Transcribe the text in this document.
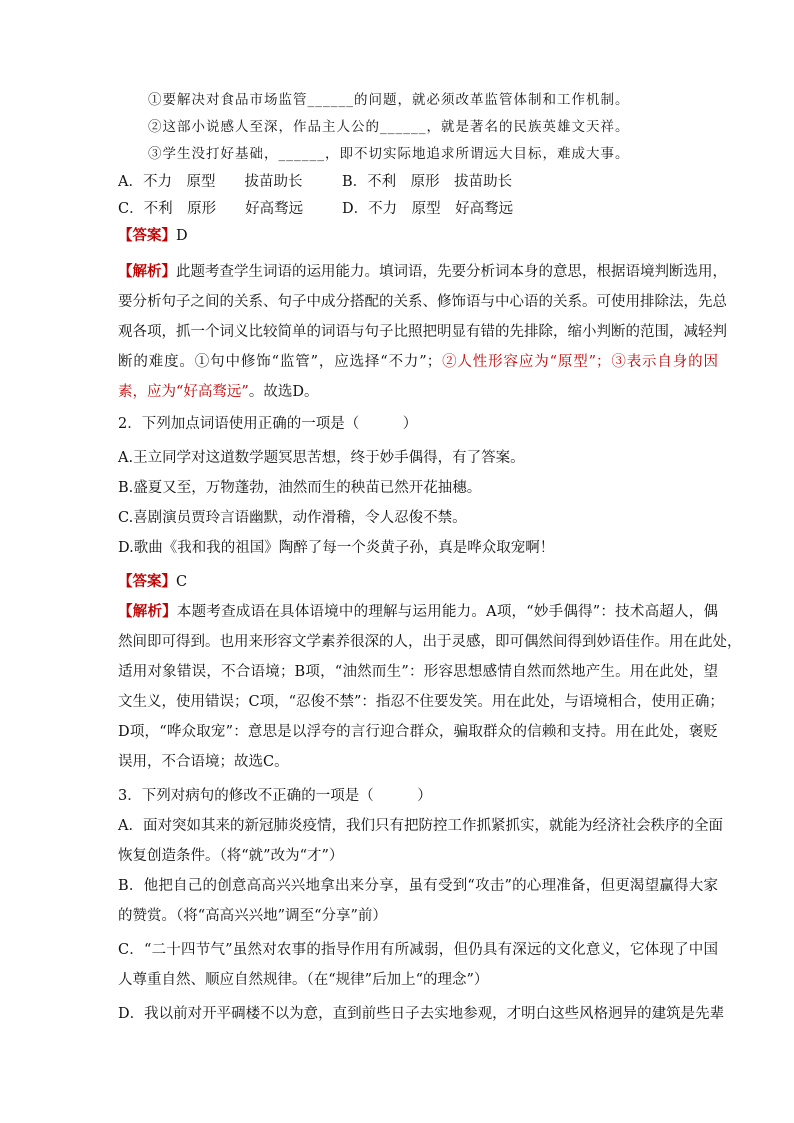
①要解决对食品市场监管______的问题，就必须改革监管体制和工作机制。
②这部小说感人至深，作品主人公的______，就是著名的民族英雄文天祥。
③学生没打好基础，______，即不切实际地追求所谓远大目标，难成大事。
A．不力　原型　　拔苗助长	B．不利　原形　拔苗助长
C．不利　原形　　好高骛远	D．不力　原型　好高骛远
【答案】D
【解析】此题考查学生词语的运用能力。填词语，先要分析词本身的意思，根据语境判断选用，
要分析句子之间的关系、句子中成分搭配的关系、修饰语与中心语的关系。可使用排除法，先总
观各项，抓一个词义比较简单的词语与句子比照把明显有错的先排除，缩小判断的范围，减轻判
断的难度。①句中修饰“监管”，应选择“不力”；②人性形容应为“原型”；③表示自身的因
素，应为“好高骛远”。故选D。
2．下列加点词语使用正确的一项是（　　　）
A.王立同学对这道数学题冥思苦想，终于妙手偶得，有了答案。
B.盛夏又至，万物蓬勃，油然而生的秧苗已然开花抽穗。
C.喜剧演员贾玲言语幽默，动作滑稽，令人忍俊不禁。
D.歌曲《我和我的祖国》陶醉了每一个炎黄子孙，真是哗众取宠啊！
【答案】C
【解析】本题考查成语在具体语境中的理解与运用能力。A项，“妙手偶得”：技术高超人，偶
然间即可得到。也用来形容文学素养很深的人，出于灵感，即可偶然间得到妙语佳作。用在此处，
适用对象错误，不合语境；B项，“油然而生”：形容思想感情自然而然地产生。用在此处，望
文生义，使用错误；C项，“忍俊不禁”：指忍不住要发笑。用在此处，与语境相合，使用正确；
D项，“哗众取宠”：意思是以浮夸的言行迎合群众，骗取群众的信赖和支持。用在此处，褒贬
误用，不合语境；故选C。
3．下列对病句的修改不正确的一项是（　　　）
A．面对突如其来的新冠肺炎疫情，我们只有把防控工作抓紧抓实，就能为经济社会秩序的全面
恢复创造条件。（将“就”改为“才”）
B．他把自己的创意高高兴兴地拿出来分享，虽有受到“攻击”的心理准备，但更渴望赢得大家
的赞赏。（将“高高兴兴地”调至“分享”前）
C．“二十四节气”虽然对农事的指导作用有所减弱，但仍具有深远的文化意义，它体现了中国
人尊重自然、顺应自然规律。（在“规律”后加上“的理念”）
D．我以前对开平碉楼不以为意，直到前些日子去实地参观，才明白这些风格迥异的建筑是先辈
